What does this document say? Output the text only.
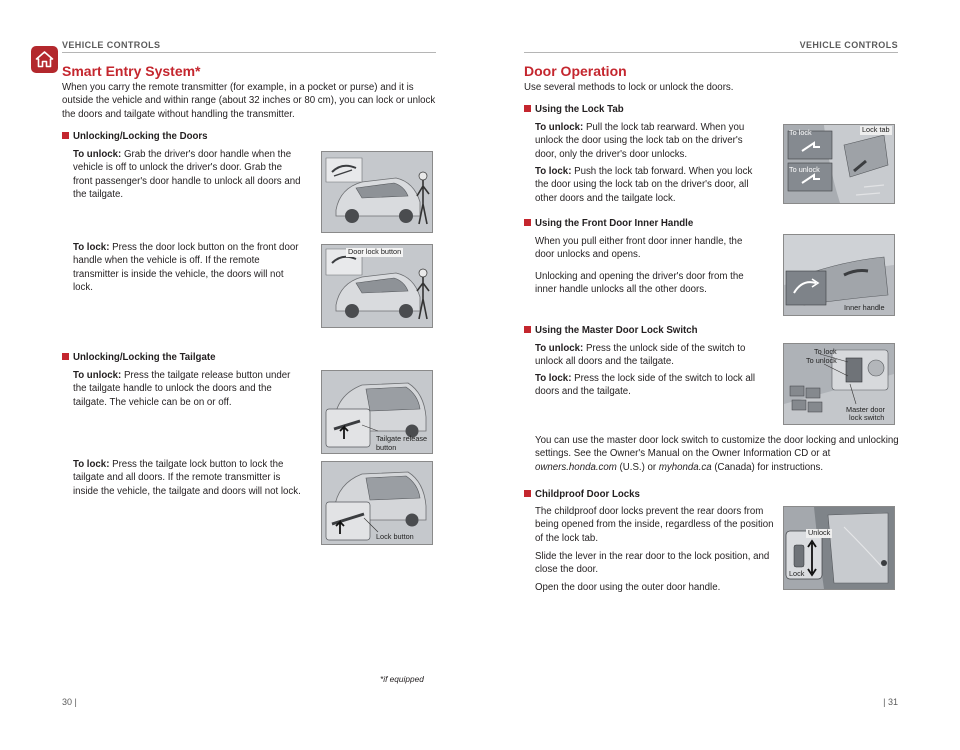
VEHICLE CONTROLS
Smart Entry System*
When you carry the remote transmitter (for example, in a pocket or purse) and it is outside the vehicle and within range (about 32 inches or 80 cm), you can lock or unlock the doors and tailgate without handling the transmitter.
Unlocking/Locking the Doors
To unlock: Grab the driver's door handle when the vehicle is off to unlock the driver's door. Grab the front passenger's door handle to unlock all doors and the tailgate.
To lock: Press the door lock button on the front door handle when the vehicle is off. If the remote transmitter is inside the vehicle, the doors will not lock.
Door lock button
Unlocking/Locking the Tailgate
To unlock: Press the tailgate release button under the tailgate handle to unlock the doors and the tailgate. The vehicle can be on or off.
Tailgate release
button
To lock: Press the tailgate lock button to lock the tailgate and all doors. If the remote transmitter is inside the vehicle, the tailgate and doors will not lock.
Lock button
*if equipped
30 |
VEHICLE CONTROLS
Door Operation
Use several methods to lock or unlock the doors.
Using the Lock Tab
To unlock: Pull the lock tab rearward. When you unlock the door using the lock tab on the driver's door, only the driver's door unlocks.
To lock: Push the lock tab forward. When you lock the door using the lock tab on the driver's door, all other doors and the tailgate lock.
To lock	Lock tab
To unlock
Using the Front Door Inner Handle
When you pull either front door inner handle, the door unlocks and opens.
Unlocking and opening the driver's door from the inner handle unlocks all the other doors.
Inner handle
Using the Master Door Lock Switch
To unlock: Press the unlock side of the switch to unlock all doors and the tailgate.
To lock: Press the lock side of the switch to lock all doors and the tailgate.
To lock
To unlock
Master door
lock switch
You can use the master door lock switch to customize the door locking and unlocking settings. See the Owner's Manual on the Owner Information CD or at owners.honda.com (U.S.) or myhonda.ca (Canada) for instructions.
Childproof Door Locks
The childproof door locks prevent the rear doors from being opened from the inside, regardless of the position of the lock tab.
Slide the lever in the rear door to the lock position, and close the door.
Open the door using the outer door handle.
Unlock
Lock
| 31
